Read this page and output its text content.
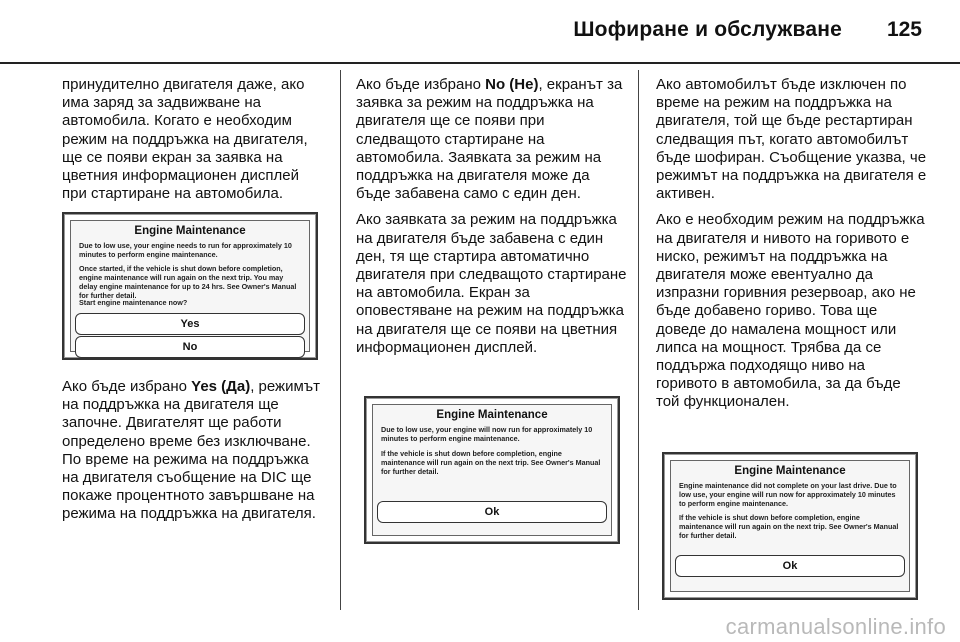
Шофиране и обслужване 125

принудително двигателя даже, ако има заряд за задвижване на автомобила. Когато е необходим режим на поддръжка на двигателя, ще се появи екран за заявка на цветния информационен дисплей при стартиране на автомобила.

Engine Maintenance
Due to low use, your engine needs to run for approximately 10 minutes to perform engine maintenance.
Once started, if the vehicle is shut down before completion, engine maintenance will run again on the next trip. You may delay engine maintenance for up to 24 hrs. See Owner's Manual for further detail.
Start engine maintenance now?
Yes
No

Ако бъде избрано Yes (Да), режимът на поддръжка на двигателя ще започне. Двигателят ще работи определено време без изключване. По време на режима на поддръжка на двигателя съобщение на DIC ще покаже процентното завършване на режима на поддръжка на двигателя.

Ако бъде избрано No (Не), екранът за заявка за режим на поддръжка на двигателя ще се появи при следващото стартиране на автомобила. Заявката за режим на поддръжка на двигателя може да бъде забавена само с един ден.

Ако заявката за режим на поддръжка на двигателя бъде забавена с един ден, тя ще стартира автоматично двигателя при следващото стартиране на автомобила. Екран за оповестяване на режим на поддръжка на двигателя ще се появи на цветния информационен дисплей.

Engine Maintenance
Due to low use, your engine will now run for approximately 10 minutes to perform engine maintenance.
If the vehicle is shut down before completion, engine maintenance will run again on the next trip. See Owner's Manual for further detail.
Ok

Ако автомобилът бъде изключен по време на режим на поддръжка на двигателя, той ще бъде рестартиран следващия път, когато автомобилът бъде шофиран. Съобщение указва, че режимът на поддръжка на двигателя е активен.

Ако е необходим режим на поддръжка на двигателя и нивото на горивото е ниско, режимът на поддръжка на двигателя може евентуално да изпразни горивния резервоар, ако не бъде добавено гориво. Това ще доведе до намалена мощност или липса на мощност. Трябва да се поддържа подходящо ниво на горивото в автомобила, за да бъде той функционален.

Engine Maintenance
Engine maintenance did not complete on your last drive. Due to low use, your engine will run now for approximately 10 minutes to perform engine maintenance.
If the vehicle is shut down before completion, engine maintenance will run again on the next trip. See Owner's Manual for further detail.
Ok
carmanualsonline.info
